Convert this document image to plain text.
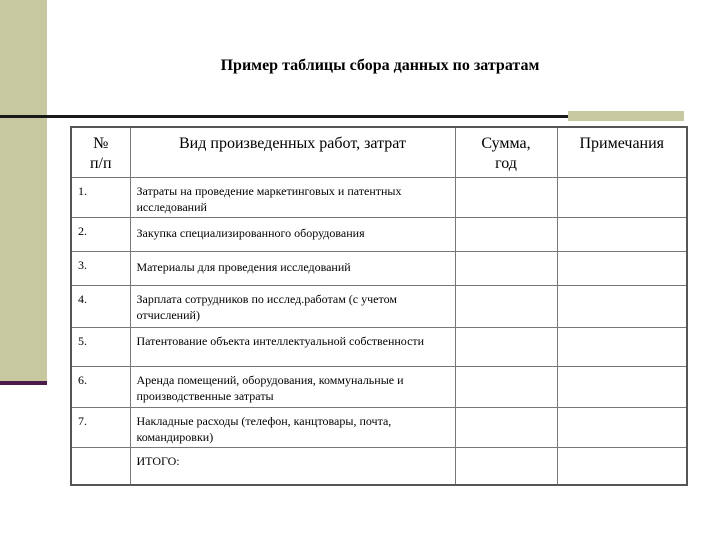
Пример таблицы сбора данных по затратам
№ п/п	Вид произведенных работ, затрат	Сумма, год	Примечания
1.	Затраты на проведение маркетинговых и патентных исследований		
2.	Закупка специализированного оборудования		
3.	Материалы для проведения исследований		
4.	Зарплата сотрудников по исслед.работам (с учетом отчислений)		
5.	Патентование объекта интеллектуальной собственности		
6.	Аренда помещений, оборудования, коммунальные и производственные затраты		
7.	Накладные расходы (телефон, канцтовары, почта, командировки)		
	ИТОГО:		
